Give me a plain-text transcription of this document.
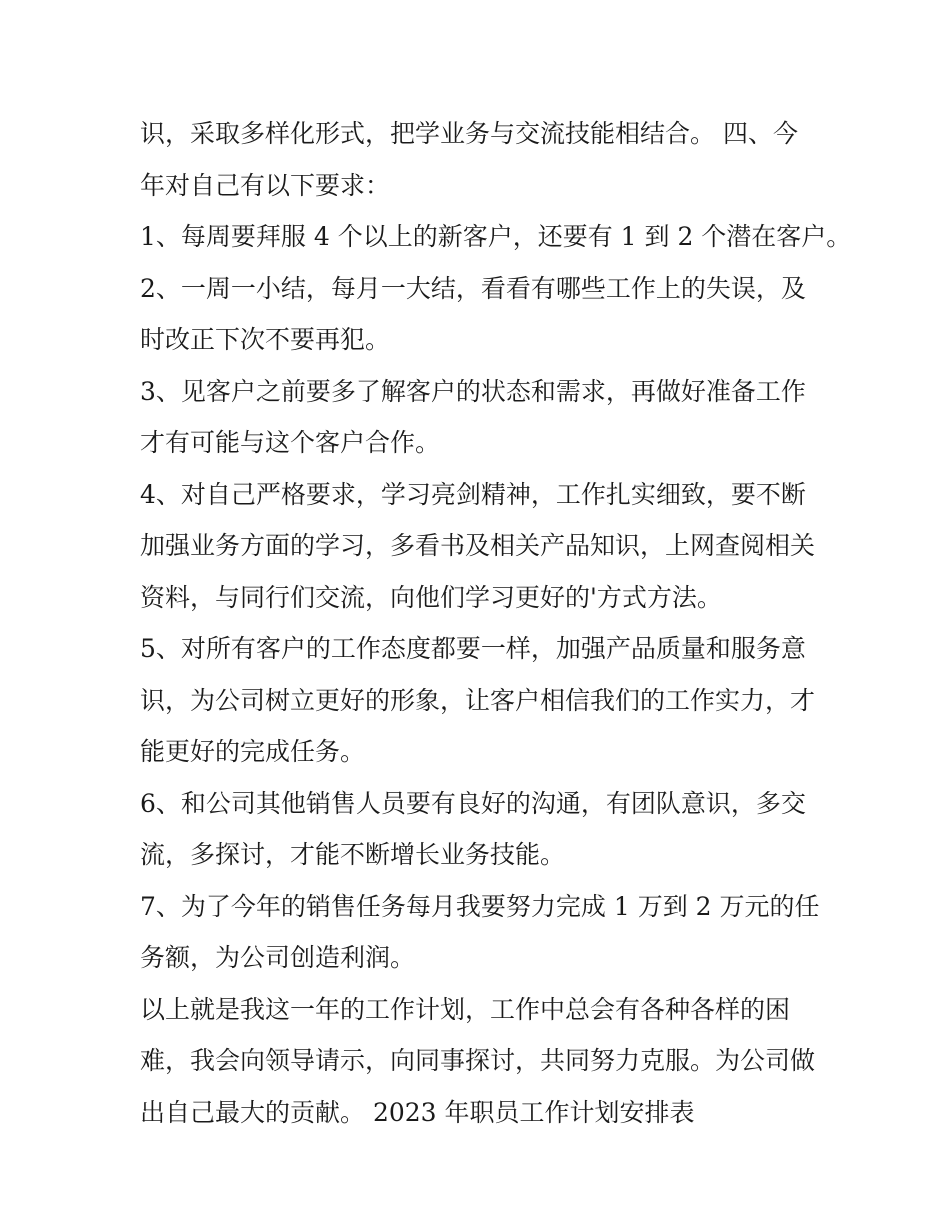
识，采取多样化形式，把学业务与交流技能相结合。 四、今
年对自己有以下要求：
1、每周要拜服 4 个以上的新客户，还要有 1 到 2 个潜在客户。
2、一周一小结，每月一大结，看看有哪些工作上的失误，及
时改正下次不要再犯。
3、见客户之前要多了解客户的状态和需求，再做好准备工作
才有可能与这个客户合作。
4、对自己严格要求，学习亮剑精神，工作扎实细致，要不断
加强业务方面的学习，多看书及相关产品知识，上网查阅相关
资料，与同行们交流，向他们学习更好的'方式方法。
5、对所有客户的工作态度都要一样，加强产品质量和服务意
识，为公司树立更好的形象，让客户相信我们的工作实力，才
能更好的完成任务。
6、和公司其他销售人员要有良好的沟通，有团队意识，多交
流，多探讨，才能不断增长业务技能。
7、为了今年的销售任务每月我要努力完成 1 万到 2 万元的任
务额，为公司创造利润。
以上就是我这一年的工作计划，工作中总会有各种各样的困
难，我会向领导请示，向同事探讨，共同努力克服。为公司做
出自己最大的贡献。 2023 年职员工作计划安排表
